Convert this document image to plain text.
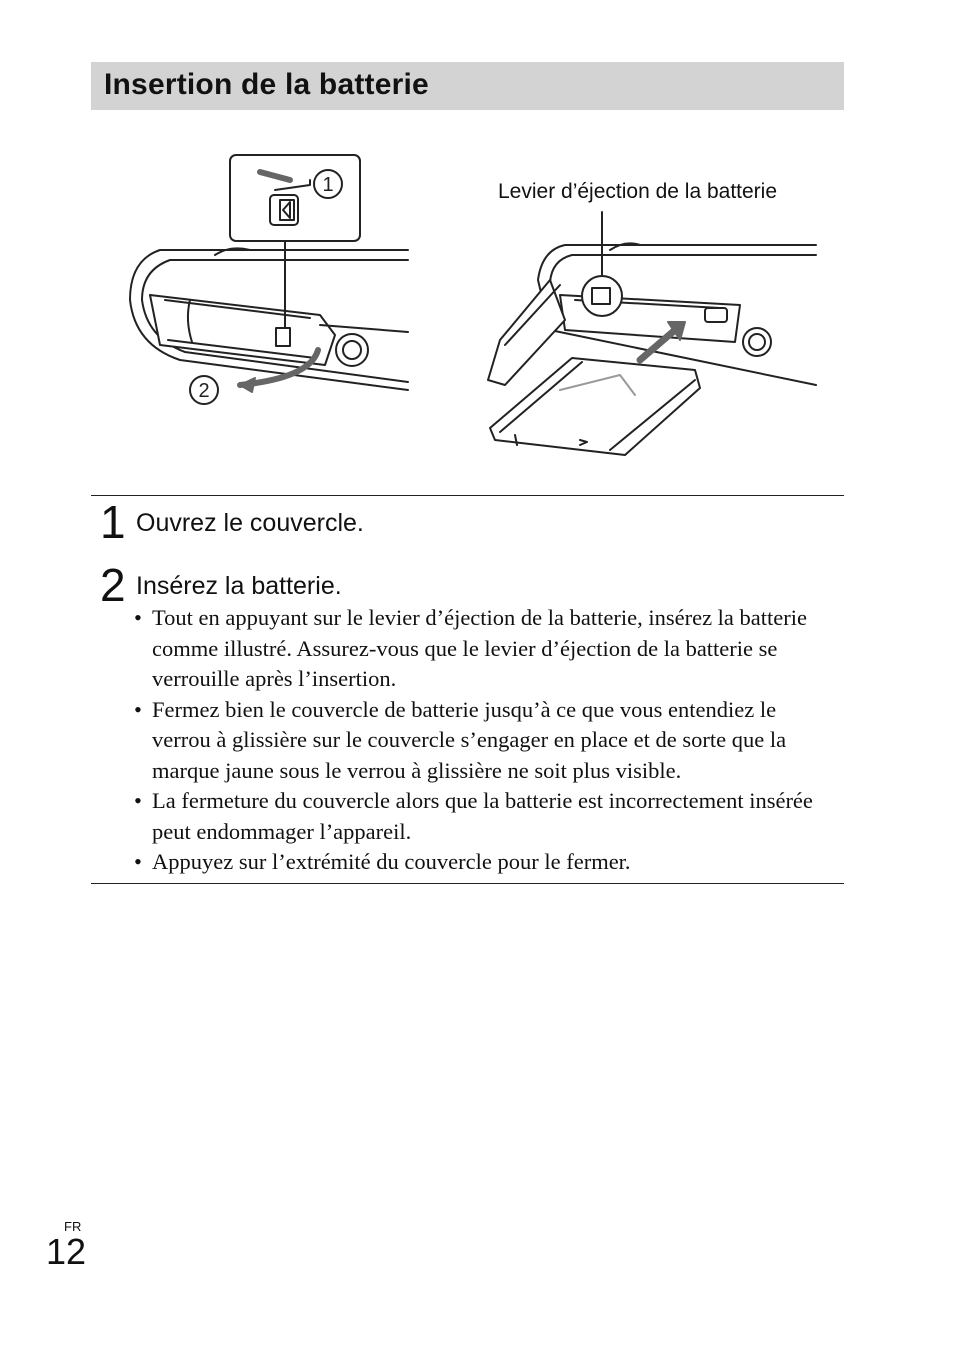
Insertion de la batterie
1
2
Levier d’éjection de la batterie
1 Ouvrez le couvercle.
2 Insérez la batterie.
• Tout en appuyant sur le levier d’éjection de la batterie, insérez la batterie comme illustré. Assurez-vous que le levier d’éjection de la batterie se verrouille après l’insertion.
• Fermez bien le couvercle de batterie jusqu’à ce que vous entendiez le verrou à glissière sur le couvercle s’engager en place et de sorte que la marque jaune sous le verrou à glissière ne soit plus visible.
• La fermeture du couvercle alors que la batterie est incorrectement insérée peut endommager l’appareil.
• Appuyez sur l’extrémité du couvercle pour le fermer.
FR
12
